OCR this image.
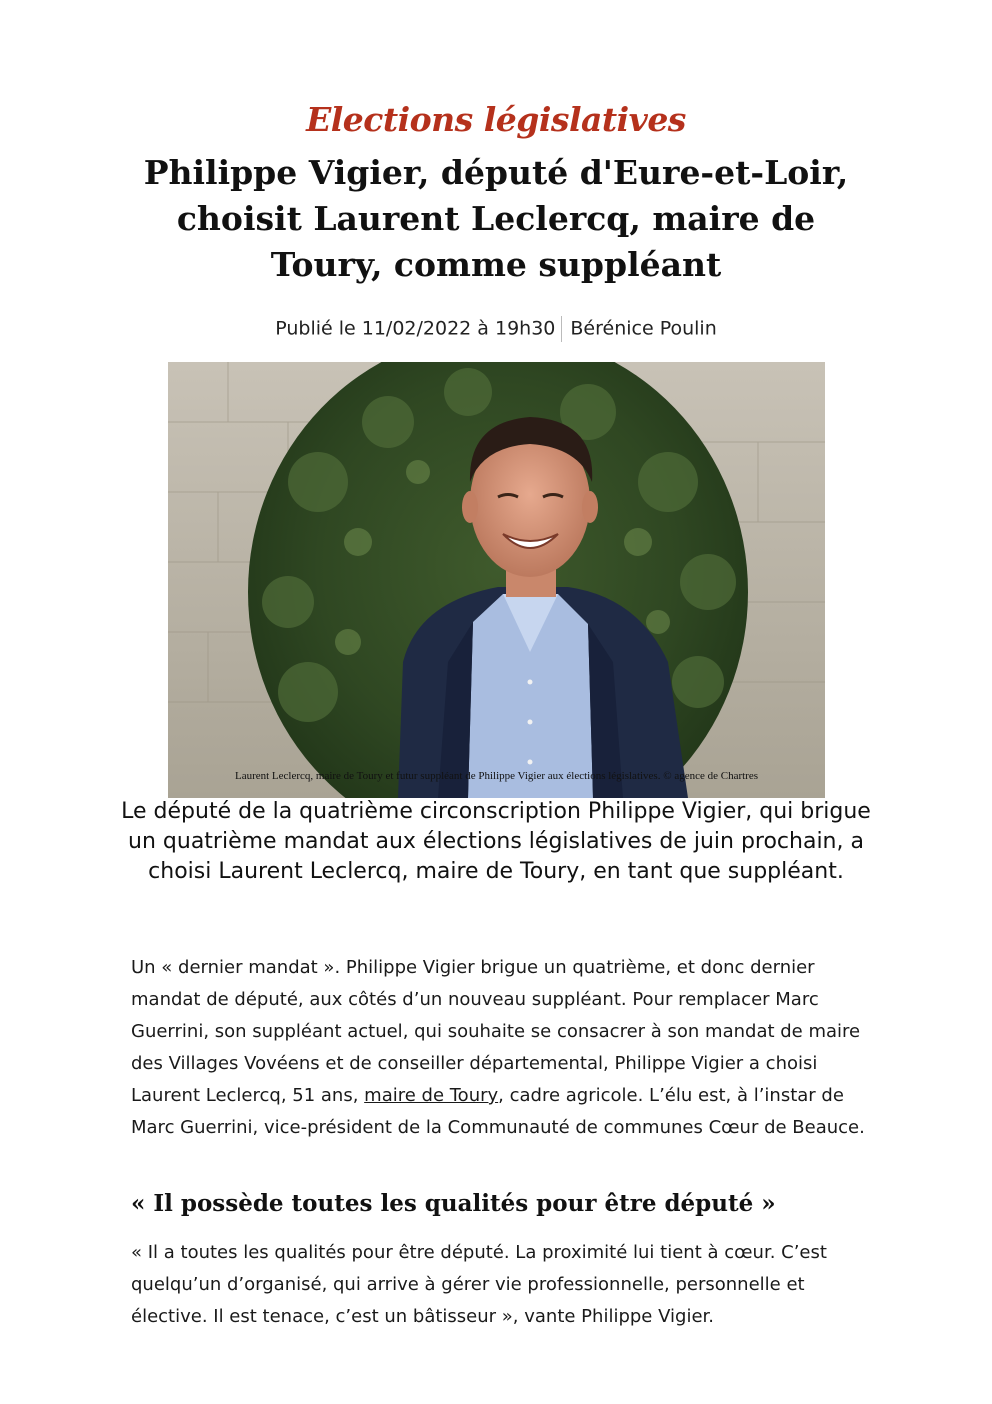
Elections législatives
Philippe Vigier, député d'Eure-et-Loir, choisit Laurent Leclercq, maire de Toury, comme suppléant
Publié le 11/02/2022 à 19h30 Bérénice Poulin
Laurent Leclercq, maire de Toury et futur suppléant de Philippe Vigier aux élections législatives. © agence de Chartres

Le député de la quatrième circonscription Philippe Vigier, qui brigue un quatrième mandat aux élections législatives de juin prochain, a choisi Laurent Leclercq, maire de Toury, en tant que suppléant.

Un « dernier mandat ». Philippe Vigier brigue un quatrième, et donc dernier mandat de député, aux côtés d’un nouveau suppléant. Pour remplacer Marc Guerrini, son suppléant actuel, qui souhaite se consacrer à son mandat de maire des Villages Vovéens et de conseiller départemental, Philippe Vigier a choisi Laurent Leclercq, 51 ans, maire de Toury, cadre agricole. L’élu est, à l’instar de Marc Guerrini, vice-président de la Communauté de communes Cœur de Beauce.

« Il possède toutes les qualités pour être député »

« Il a toutes les qualités pour être député. La proximité lui tient à cœur. C’est quelqu’un d’organisé, qui arrive à gérer vie professionnelle, personnelle et élective. Il est tenace, c’est un bâtisseur », vante Philippe Vigier.
